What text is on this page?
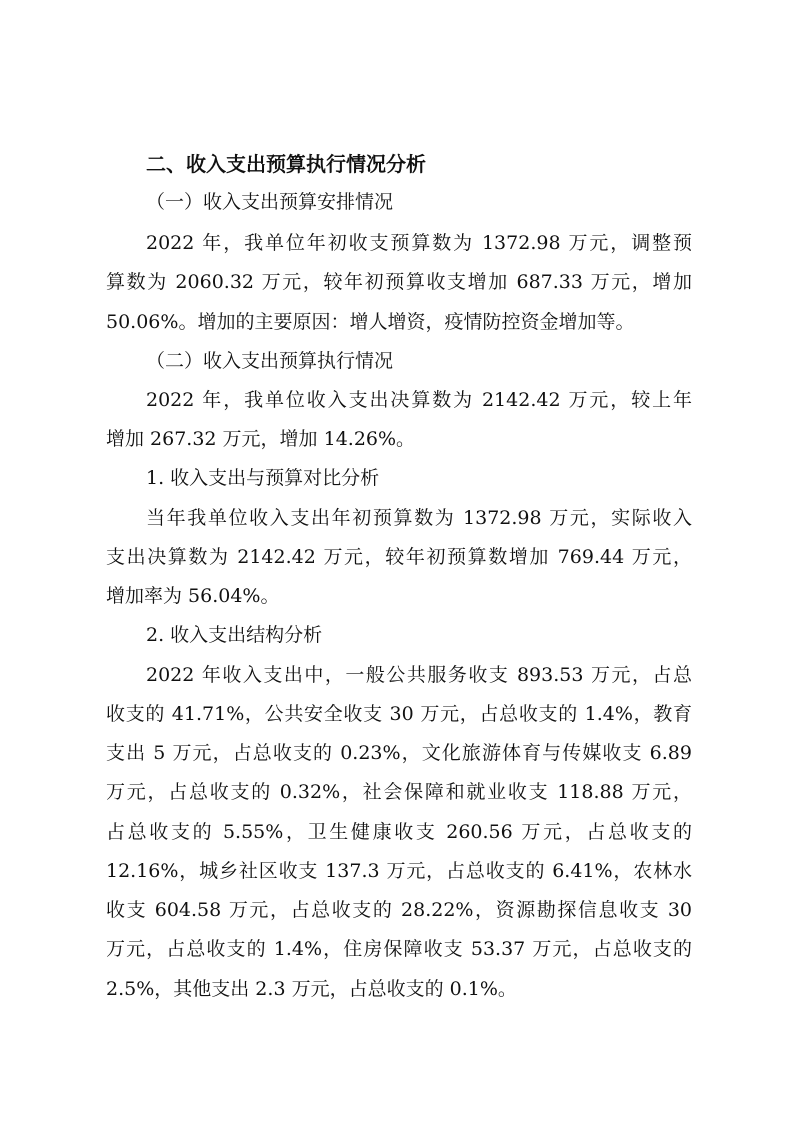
二、收入支出预算执行情况分析
（一）收入支出预算安排情况
2022 年，我单位年初收支预算数为 1372.98 万元，调整预
算数为 2060.32 万元，较年初预算收支增加 687.33 万元，增加
50.06%。增加的主要原因：增人增资，疫情防控资金增加等。
（二）收入支出预算执行情况
2022 年，我单位收入支出决算数为 2142.42 万元，较上年
增加 267.32 万元，增加 14.26%。
1. 收入支出与预算对比分析
当年我单位收入支出年初预算数为 1372.98 万元，实际收入
支出决算数为 2142.42 万元，较年初预算数增加 769.44 万元，
增加率为 56.04%。
2. 收入支出结构分析
2022 年收入支出中，一般公共服务收支 893.53 万元，占总
收支的 41.71%，公共安全收支 30 万元，占总收支的 1.4%，教育
支出 5 万元，占总收支的 0.23%，文化旅游体育与传媒收支 6.89
万元，占总收支的 0.32%，社会保障和就业收支 118.88 万元，
占总收支的 5.55%，卫生健康收支 260.56 万元，占总收支的
12.16%，城乡社区收支 137.3 万元，占总收支的 6.41%，农林水
收支 604.58 万元，占总收支的 28.22%，资源勘探信息收支 30
万元，占总收支的 1.4%，住房保障收支 53.37 万元，占总收支的
2.5%，其他支出 2.3 万元，占总收支的 0.1%。
